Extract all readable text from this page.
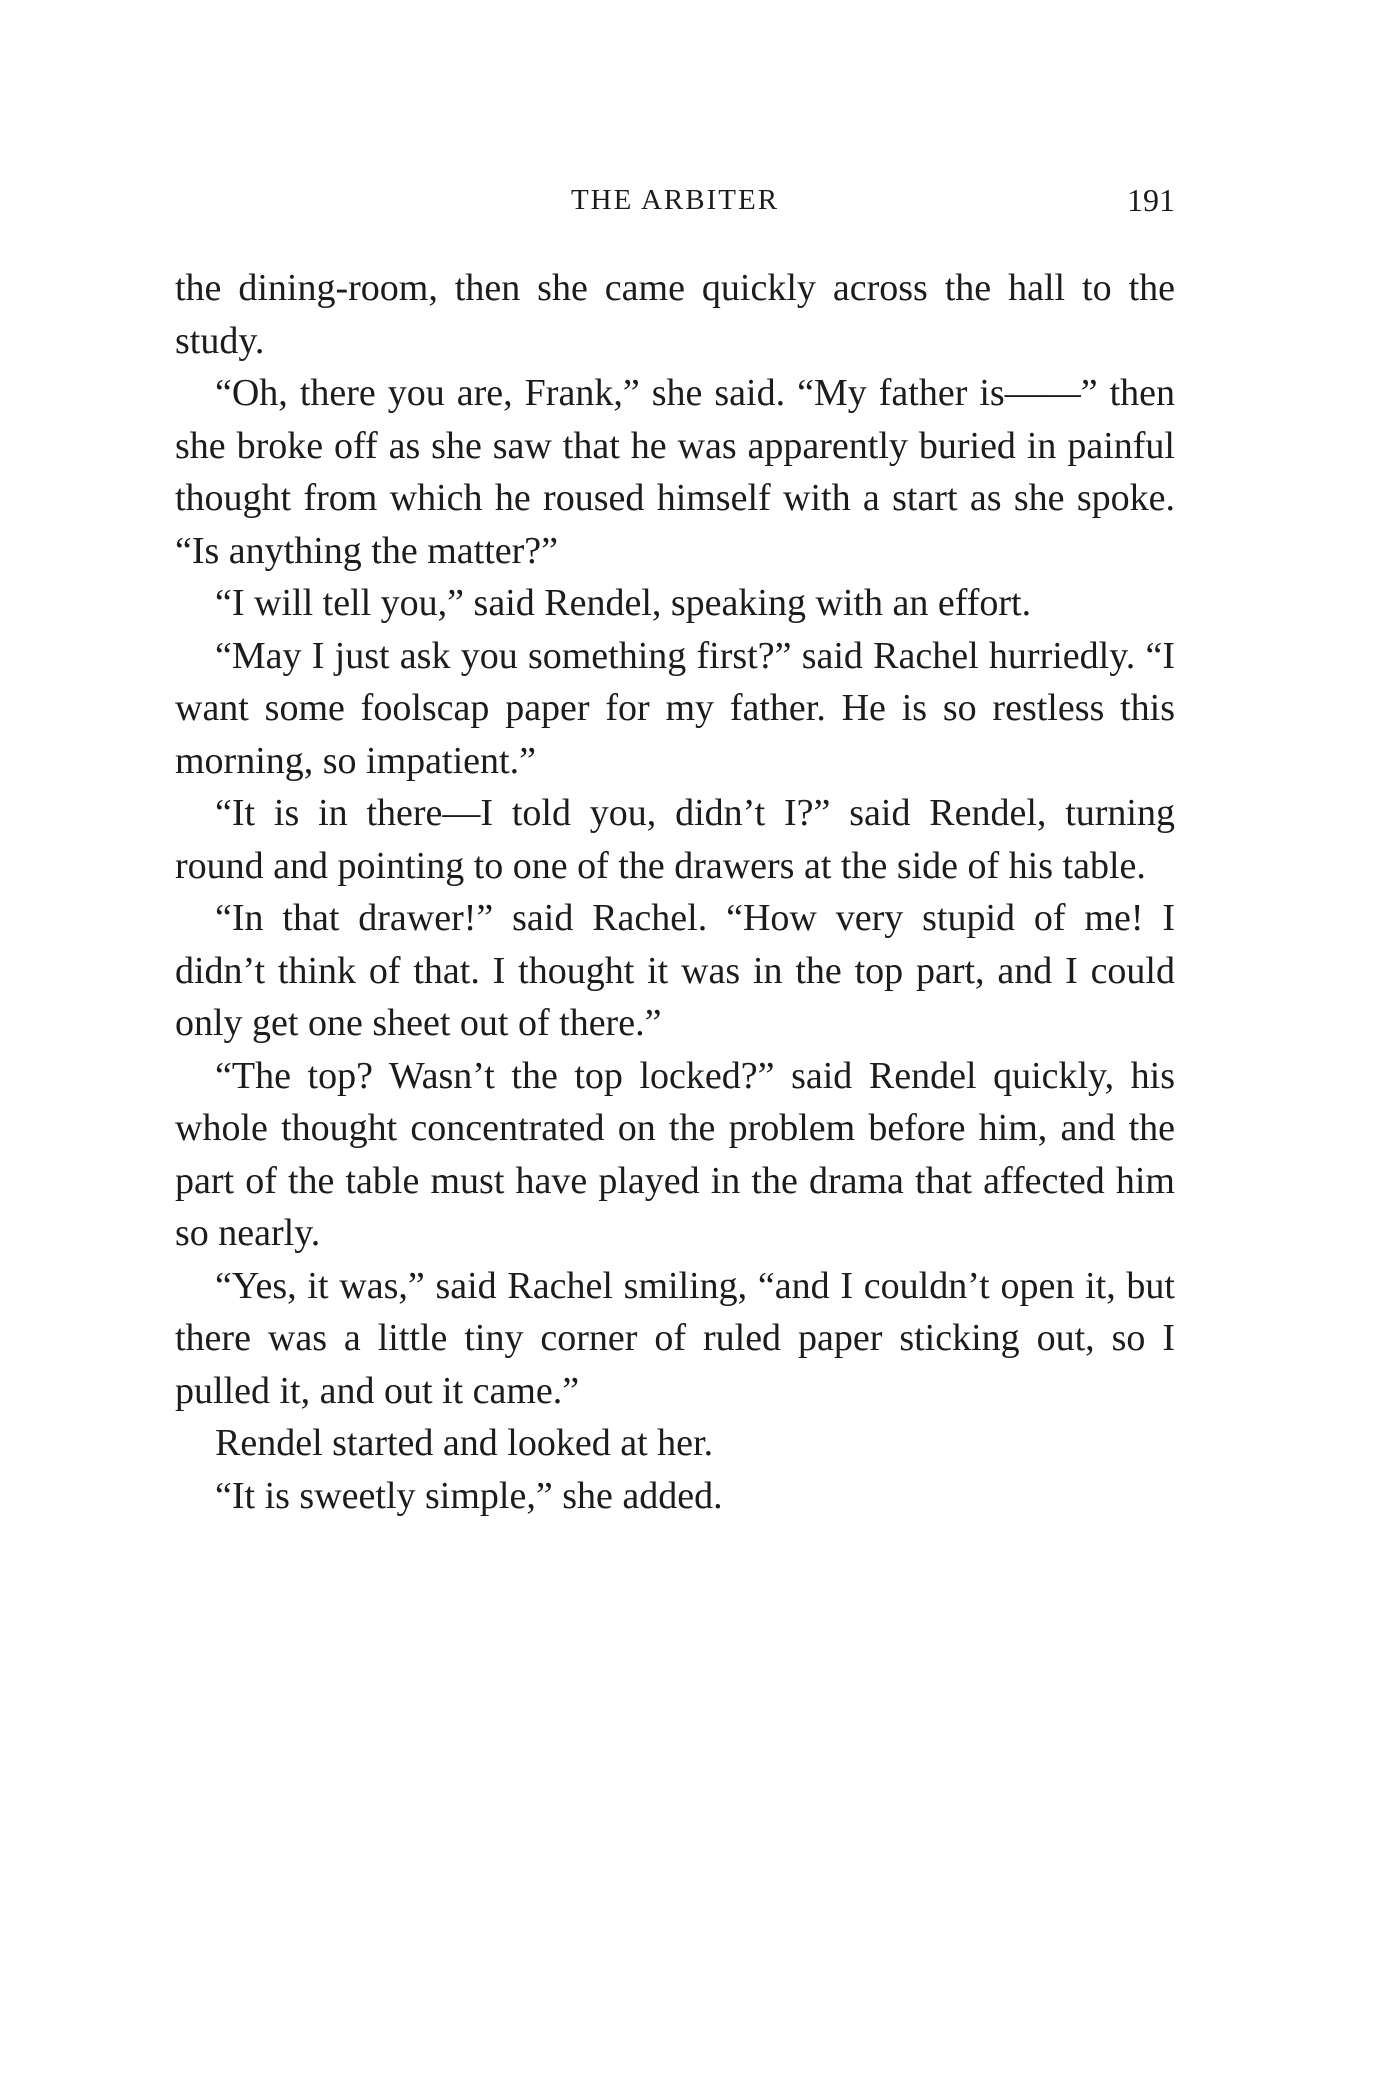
THE ARBITER	191

the dining-room, then she came quickly across the hall to the study.

“Oh, there you are, Frank,” she said. “My father is——” then she broke off as she saw that he was apparently buried in painful thought from which he roused himself with a start as she spoke. “Is anything the matter?”

“I will tell you,” said Rendel, speaking with an effort.

“May I just ask you something first?” said Rachel hurriedly. “I want some foolscap paper for my father. He is so restless this morning, so impatient.”

“It is in there—I told you, didn’t I?” said Rendel, turning round and pointing to one of the drawers at the side of his table.

“In that drawer!” said Rachel. “How very stupid of me! I didn’t think of that. I thought it was in the top part, and I could only get one sheet out of there.”

“The top? Wasn’t the top locked?” said Rendel quickly, his whole thought concentrated on the problem before him, and the part of the table must have played in the drama that affected him so nearly.

“Yes, it was,” said Rachel smiling, “and I couldn’t open it, but there was a little tiny corner of ruled paper sticking out, so I pulled it, and out it came.”

Rendel started and looked at her.

“It is sweetly simple,” she added.
